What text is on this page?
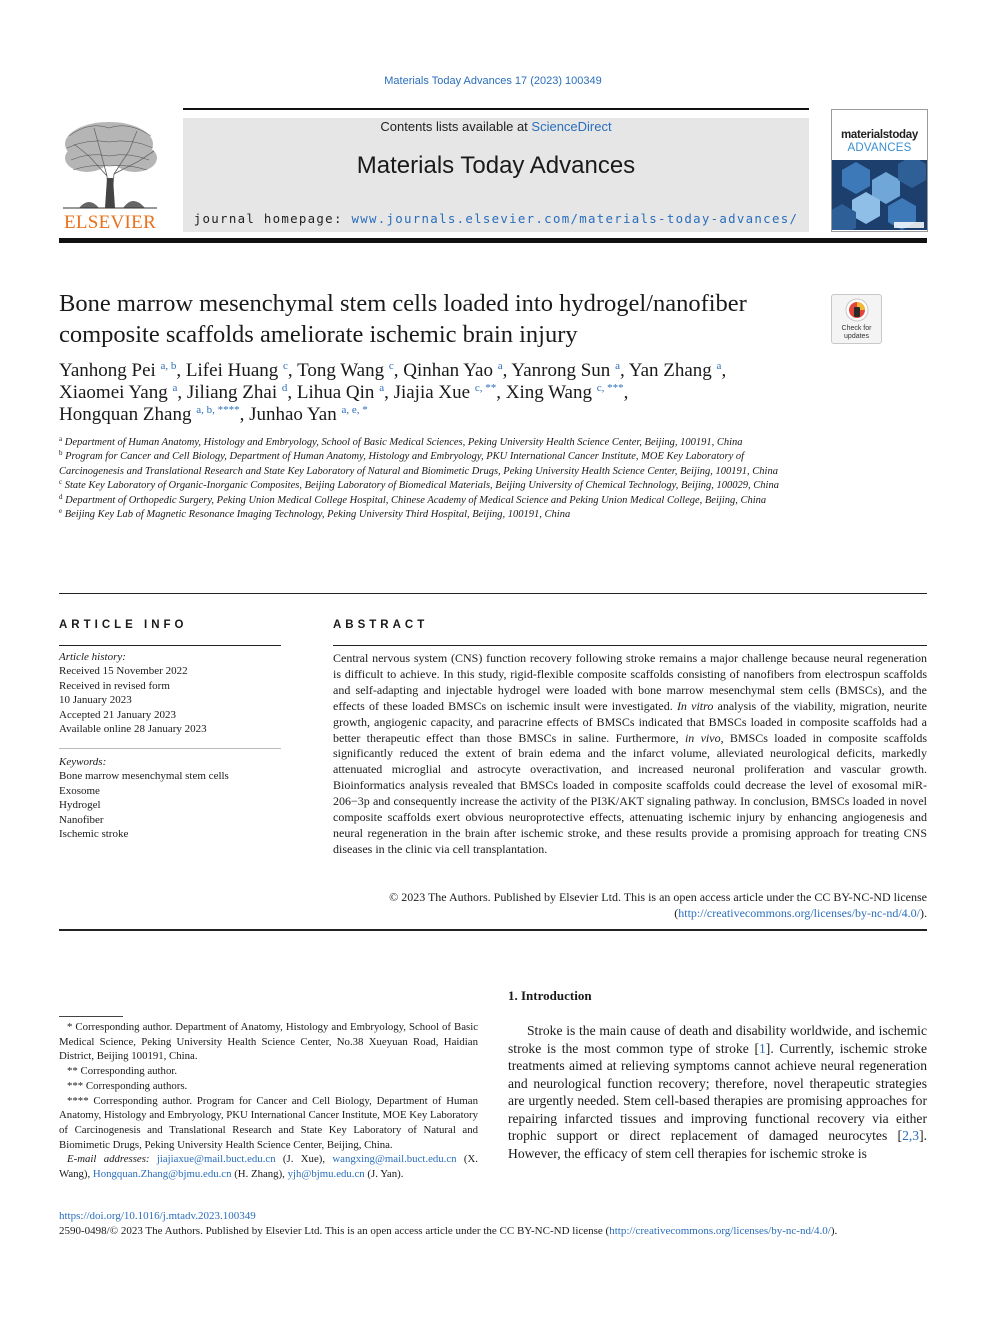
Materials Today Advances 17 (2023) 100349
ELSEVIER
Contents lists available at ScienceDirect
Materials Today Advances
journal homepage: www.journals.elsevier.com/materials-today-advances/
materialstoday
ADVANCES
Bone marrow mesenchymal stem cells loaded into hydrogel/nanofiber composite scaffolds ameliorate ischemic brain injury	Check for updates
Yanhong Pei $^{a, b}$, Lifei Huang $^c$, Tong Wang $^c$, Qinhan Yao $^a$, Yanrong Sun $^a$, Yan Zhang $^a$,
Xiaomei Yang $^a$, Jiliang Zhai $^d$, Lihua Qin $^a$, Jiajia Xue $^{c, **}$, Xing Wang $^{c, ***}$,
Hongquan Zhang $^{a, b, ****}$, Junhao Yan $^{a, e, *}$
$^a$ Department of Human Anatomy, Histology and Embryology, School of Basic Medical Sciences, Peking University Health Science Center, Beijing, 100191, China
$^b$ Program for Cancer and Cell Biology, Department of Human Anatomy, Histology and Embryology, PKU International Cancer Institute, MOE Key Laboratory of Carcinogenesis and Translational Research and State Key Laboratory of Natural and Biomimetic Drugs, Peking University Health Science Center, Beijing, 100191, China
$^c$ State Key Laboratory of Organic-Inorganic Composites, Beijing Laboratory of Biomedical Materials, Beijing University of Chemical Technology, Beijing, 100029, China
$^d$ Department of Orthopedic Surgery, Peking Union Medical College Hospital, Chinese Academy of Medical Science and Peking Union Medical College, Beijing, China
$^e$ Beijing Key Lab of Magnetic Resonance Imaging Technology, Peking University Third Hospital, Beijing, 100191, China
ARTICLE INFO
Article history:
Received 15 November 2022
Received in revised form
10 January 2023
Accepted 21 January 2023
Available online 28 January 2023
Keywords:
Bone marrow mesenchymal stem cells
Exosome
Hydrogel
Nanofiber
Ischemic stroke
ABSTRACT
Central nervous system (CNS) function recovery following stroke remains a major challenge because neural regeneration is difficult to achieve. In this study, rigid-flexible composite scaffolds consisting of nanofibers from electrospun scaffolds and self-adapting and injectable hydrogel were loaded with bone marrow mesenchymal stem cells (BMSCs), and the effects of these loaded BMSCs on ischemic insult were investigated. In vitro analysis of the viability, migration, neurite growth, angiogenic capacity, and paracrine effects of BMSCs indicated that BMSCs loaded in composite scaffolds had a better therapeutic effect than those BMSCs in saline. Furthermore, in vivo, BMSCs loaded in composite scaffolds significantly reduced the extent of brain edema and the infarct volume, alleviated neurological deficits, markedly attenuated microglial and astrocyte overactivation, and increased neuronal proliferation and vascular growth. Bioinformatics analysis revealed that BMSCs loaded in composite scaffolds could decrease the level of exosomal miR-206−3p and consequently increase the activity of the PI3K/AKT signaling pathway. In conclusion, BMSCs loaded in novel composite scaffolds exert obvious neuroprotective effects, attenuating ischemic injury by enhancing angiogenesis and neural regeneration in the brain after ischemic stroke, and these results provide a promising approach for treating CNS diseases in the clinic via cell transplantation.
© 2023 The Authors. Published by Elsevier Ltd. This is an open access article under the CC BY-NC-ND license (http://creativecommons.org/licenses/by-nc-nd/4.0/).
1. Introduction
Stroke is the main cause of death and disability worldwide, and ischemic stroke is the most common type of stroke [1]. Currently, ischemic stroke treatments aimed at relieving symptoms cannot achieve neural regeneration and neurological function recovery; therefore, novel therapeutic strategies are urgently needed. Stem cell-based therapies are promising approaches for repairing infarcted tissues and improving functional recovery via either trophic support or direct replacement of damaged neurocytes [2,3]. However, the efficacy of stem cell therapies for ischemic stroke is

* Corresponding author. Department of Anatomy, Histology and Embryology, School of Basic Medical Science, Peking University Health Science Center, No.38 Xueyuan Road, Haidian District, Beijing 100191, China.

** Corresponding author.

*** Corresponding authors.

**** Corresponding author. Program for Cancer and Cell Biology, Department of Human Anatomy, Histology and Embryology, PKU International Cancer Institute, MOE Key Laboratory of Carcinogenesis and Translational Research and State Key Laboratory of Natural and Biomimetic Drugs, Peking University Health Science Center, Beijing, China.

E-mail addresses: jiajiaxue@mail.buct.edu.cn (J. Xue), wangxing@mail.buct.edu.cn (X. Wang), Hongquan.Zhang@bjmu.edu.cn (H. Zhang), yjh@bjmu.edu.cn (J. Yan).

https://doi.org/10.1016/j.mtadv.2023.100349
2590-0498/© 2023 The Authors. Published by Elsevier Ltd. This is an open access article under the CC BY-NC-ND license (http://creativecommons.org/licenses/by-nc-nd/4.0/).
